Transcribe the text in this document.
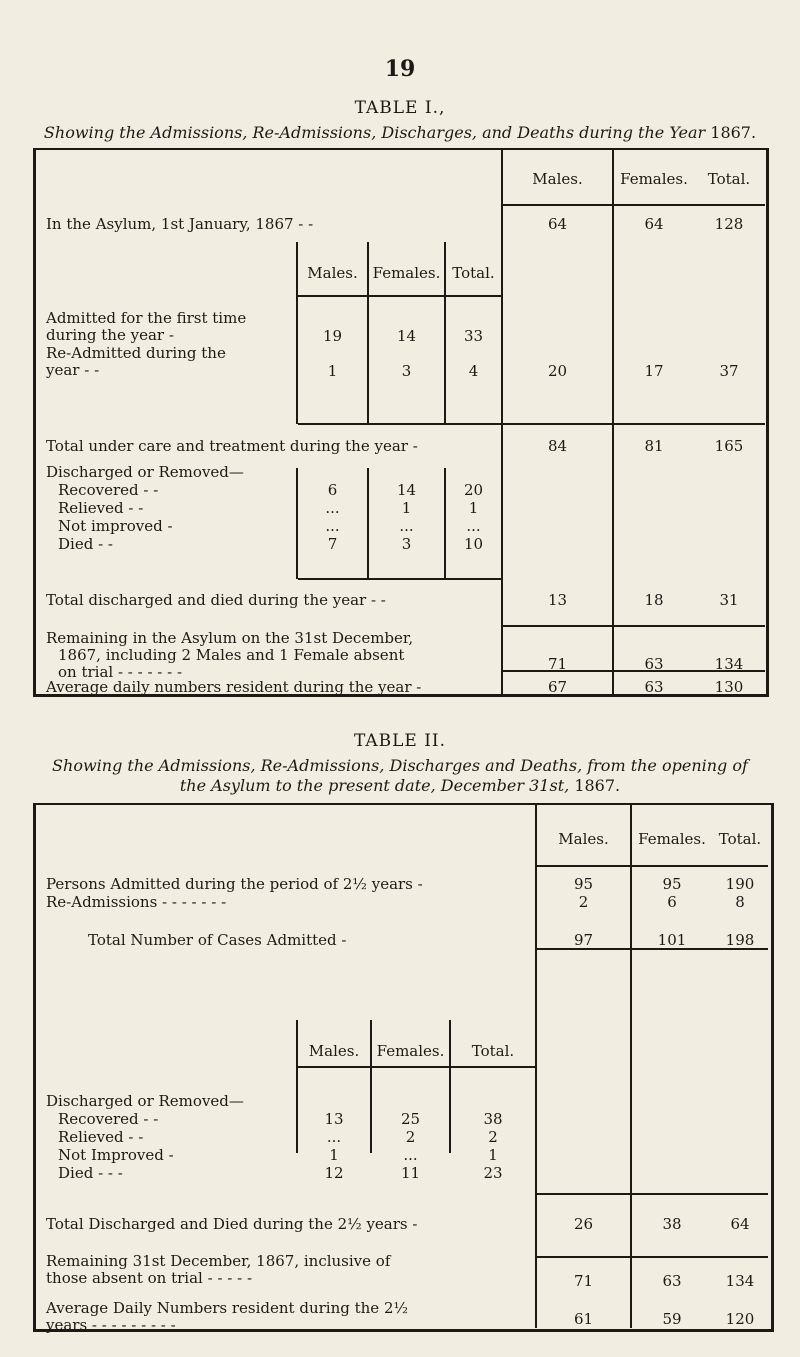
19
TABLE I.,
Showing the Admissions, Re-Admissions, Discharges, and Deaths during the Year 1867.
Males.	Females.	Total.
In the Asylum, 1st January, 1867 - -	64	64	128
Males. Females. Total.
Admitted for the first time
during the year -	19	14	33
Re-Admitted during the
year - -	1	3	4	20	17	37
Total under care and treatment during the year -	84	81	165
Discharged or Removed—
Recovered - -	6	14	20
Relieved - -	...	1	1
Not improved -	...	...	...
Died - -	7	3	10
Total discharged and died during the year - -	13	18	31
Remaining in the Asylum on the 31st December,
1867, including 2 Males and 1 Female absent
on trial - - - - - - -	71	63	134
Average daily numbers resident during the year -	67	63	130
TABLE II.
Showing the Admissions, Re-Admissions, Discharges and Deaths, from the opening of
the Asylum to the present date, December 31st, 1867.
Males.	Females. Total.
Persons Admitted during the period of 2½ years -	95	95	190
Re-Admissions - - - - - - -	2	6	8
Total Number of Cases Admitted -	97	101	198
Males.	Females.	Total.
Discharged or Removed—
Recovered - -	13	25	38
Relieved - -	...	2	2
Not Improved -	1	...	1
Died - - -	12	11	23
Total Discharged and Died during the 2½ years -	26	38	64
Remaining 31st December, 1867, inclusive of
those absent on trial - - - - -	71	63	134
Average Daily Numbers resident during the 2½
years - - - - - - - - -	61	59	120
